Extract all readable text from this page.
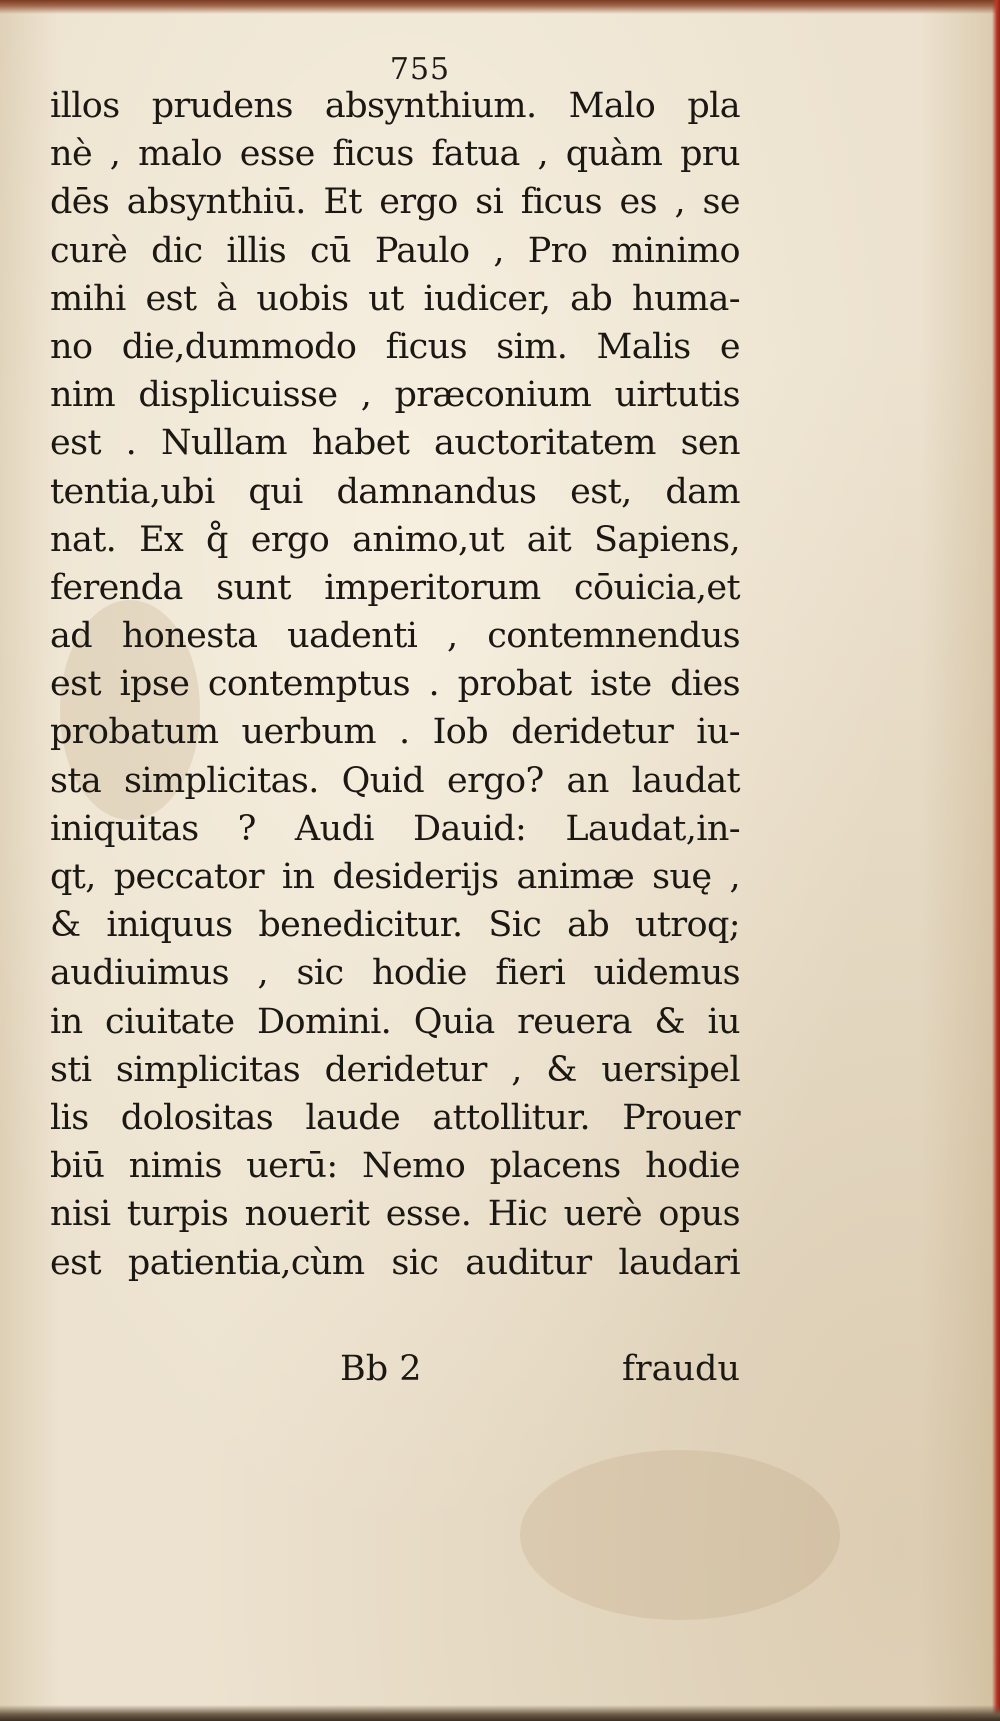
755
illos prudens absynthium. Malo pla
nè , malo esse ficus fatua , quàm pru
dēs absynthiū. Et ergo si ficus es , se
curè dic illis cū Paulo , Pro minimo
mihi est à uobis ut iudicer, ab huma-
no die,dummodo ficus sim. Malis e
nim displicuisse , præconium uirtutis
est . Nullam habet auctoritatem sen
tentia,ubi qui damnandus est, dam
nat. Ex q̊ ergo animo,ut ait Sapiens,
ferenda sunt imperitorum cōuicia,et
ad honesta uadenti , contemnendus
est ipse contemptus . probat iste dies
probatum uerbum . Iob deridetur iu-
sta simplicitas. Quid ergo? an laudat
iniquitas ? Audi Dauid: Laudat,in-
qt, peccator in desiderijs animæ suę ,
& iniquus benedicitur. Sic ab utroq;
audiuimus , sic hodie fieri uidemus
in ciuitate Domini. Quia reuera & iu
sti simplicitas deridetur , & uersipel
lis dolositas laude attollitur. Prouer
biū nimis uerū: Nemo placens hodie
nisi turpis nouerit esse. Hic uerè opus
est patientia,cùm sic auditur laudari
Bb 2	fraudu
